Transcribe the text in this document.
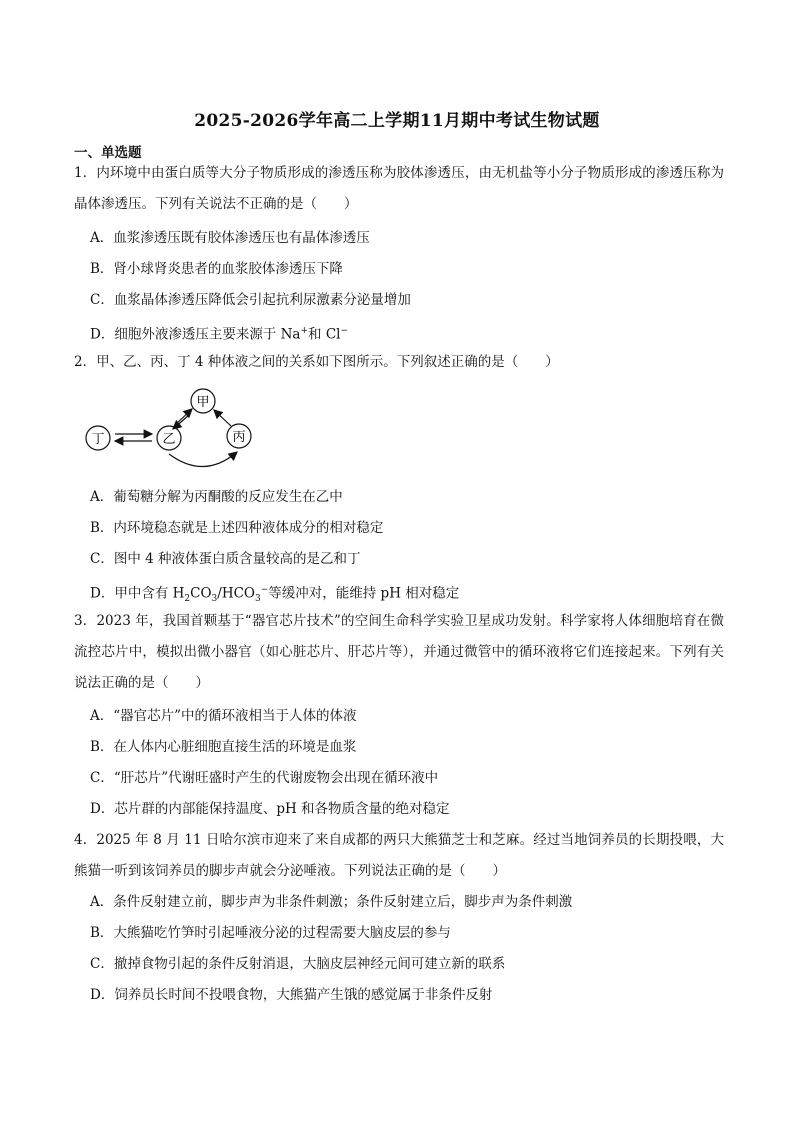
2025-2026学年高二上学期11月期中考试生物试题
一、单选题
1．内环境中由蛋白质等大分子物质形成的渗透压称为胶体渗透压，由无机盐等小分子物质形成的渗透压称为晶体渗透压。下列有关说法不正确的是（　　）
A．血浆渗透压既有胶体渗透压也有晶体渗透压
B．肾小球肾炎患者的血浆胶体渗透压下降
C．血浆晶体渗透压降低会引起抗利尿激素分泌量增加
D．细胞外液渗透压主要来源于 Na+和 Cl−
2．甲、乙、丙、丁 4 种体液之间的关系如下图所示。下列叙述正确的是（　　）
丁	乙
甲
丙
A．葡萄糖分解为丙酮酸的反应发生在乙中
B．内环境稳态就是上述四种液体成分的相对稳定
C．图中 4 种液体蛋白质含量较高的是乙和丁
D．甲中含有 $H_2CO_3/HCO_3^-$等缓冲对，能维持 pH 相对稳定
3．2023 年，我国首颗基于“器官芯片技术”的空间生命科学实验卫星成功发射。科学家将人体细胞培育在微流控芯片中，模拟出微小器官（如心脏芯片、肝芯片等），并通过微管中的循环液将它们连接起来。下列有关说法正确的是（　　）
A．“器官芯片”中的循环液相当于人体的体液
B．在人体内心脏细胞直接生活的环境是血浆
C．“肝芯片”代谢旺盛时产生的代谢废物会出现在循环液中
D．芯片群的内部能保持温度、pH 和各物质含量的绝对稳定
4．2025 年 8 月 11 日哈尔滨市迎来了来自成都的两只大熊猫芝士和芝麻。经过当地饲养员的长期投喂，大熊猫一听到该饲养员的脚步声就会分泌唾液。下列说法正确的是（　　）
A．条件反射建立前，脚步声为非条件刺激；条件反射建立后，脚步声为条件刺激
B．大熊猫吃竹笋时引起唾液分泌的过程需要大脑皮层的参与
C．撤掉食物引起的条件反射消退，大脑皮层神经元间可建立新的联系
D．饲养员长时间不投喂食物，大熊猫产生饿的感觉属于非条件反射
